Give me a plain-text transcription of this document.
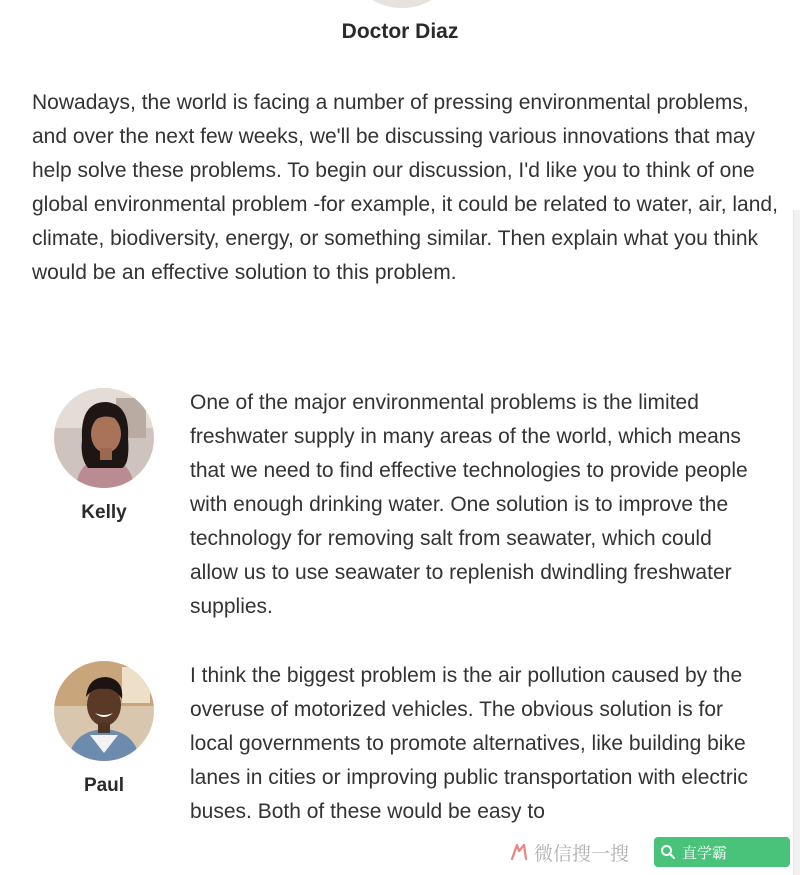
Doctor Diaz

Nowadays, the world is facing a number of pressing environmental problems, and over the next few weeks, we'll be discussing various innovations that may help solve these problems. To begin our discussion, I'd like you to think of one global environmental problem -for example, it could be related to water, air, land, climate, biodiversity, energy, or something similar. Then explain what you think would be an effective solution to this problem.

Kelly

One of the major environmental problems is the limited freshwater supply in many areas of the world, which means that we need to find effective technologies to provide people with enough drinking water. One solution is to improve the technology for removing salt from seawater, which could allow us to use seawater to replenish dwindling freshwater supplies.

Paul

I think the biggest problem is the air pollution caused by the overuse of motorized vehicles. The obvious solution is for local governments to promote alternatives, like building bike lanes in cities or improving public transportation with electric buses. Both of these would be easy to

微信搜一搜	直学霸
